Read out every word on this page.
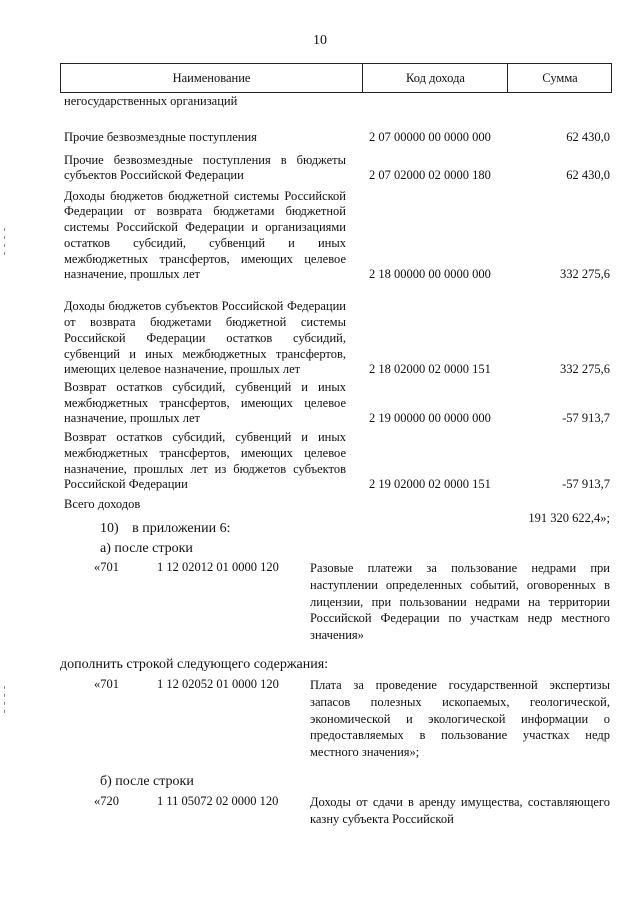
10
Наименование	Код дохода	Сумма
негосударственных организаций
Прочие безвозмездные поступления	2 07 00000 00 0000 000	62 430,0
Прочие безвозмездные поступления в бюджеты субъектов Российской Федерации	2 07 02000 02 0000 180	62 430,0
Доходы бюджетов бюджетной системы Российской Федерации от возврата бюджетами бюджетной системы Российской Федерации и организациями остатков субсидий, субвенций и иных межбюджетных трансфертов, имеющих целевое назначение, прошлых лет	2 18 00000 00 0000 000	332 275,6
Доходы бюджетов субъектов Российской Федерации от возврата бюджетами бюджетной системы Российской Федерации остатков субсидий, субвенций и иных межбюджетных трансфертов, имеющих целевое назначение, прошлых лет	2 18 02000 02 0000 151	332 275,6
Возврат остатков субсидий, субвенций и иных межбюджетных трансфертов, имеющих целевое назначение, прошлых лет	2 19 00000 00 0000 000	-57 913,7
Возврат остатков субсидий, субвенций и иных межбюджетных трансфертов, имеющих целевое назначение, прошлых лет из бюджетов субъектов Российской Федерации	2 19 02000 02 0000 151	-57 913,7
Всего доходов
191 320 622,4»;
10) в приложении 6:
а) после строки
«701	1 12 02012 01 0000 120 Разовые платежи за пользование недрами при наступлении определенных событий, оговоренных в лицензии, при пользовании недрами на территории Российской Федерации по участкам недр местного значения»
дополнить строкой следующего содержания:
«701	1 12 02052 01 0000 120 Плата за проведение государственной экспертизы запасов полезных ископаемых, геологической, экономической и экологической информации о предоставляемых в пользование участках недр местного значения»;
б) после строки
«720	1 11 05072 02 0000 120	Доходы от сдачи в аренду имущества, составляющего казну субъекта Российской
